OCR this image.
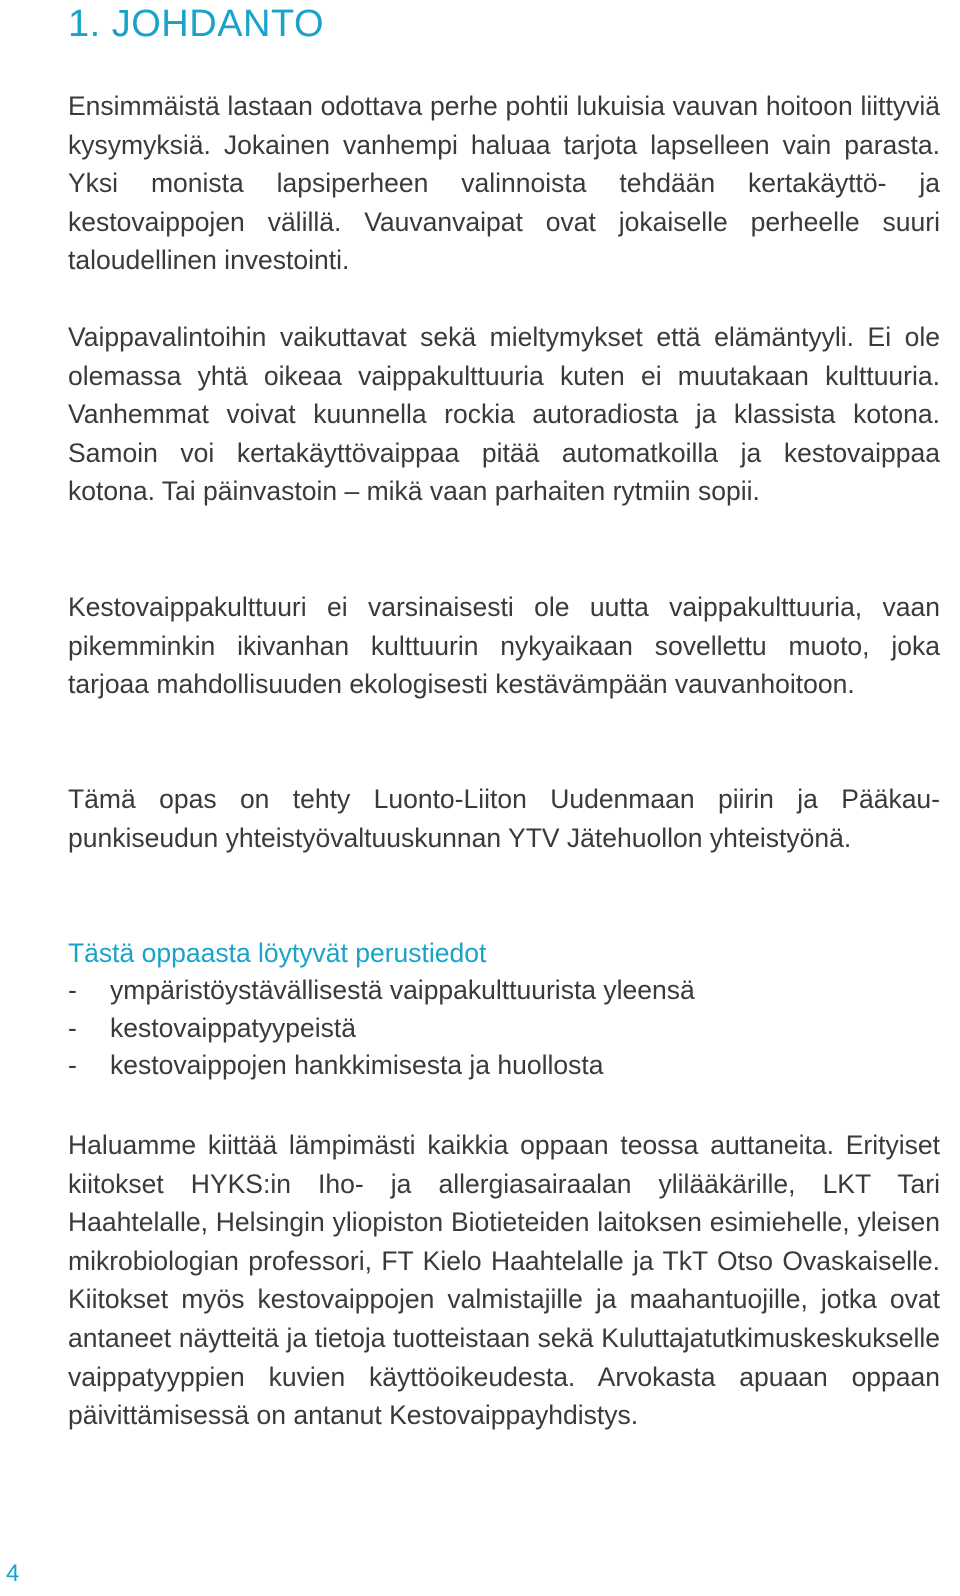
1. JOHDANTO

Ensimmäistä lastaan odottava perhe pohtii lukuisia vauvan hoitoon liittyviä kysymyksiä. Jokainen vanhempi haluaa tarjota lapselleen vain parasta. Yksi monista lapsiperheen valinnoista tehdään kertakäyttö- ja kestovaippojen välillä. Vauvanvaipat ovat jokaiselle perheelle suuri taloudellinen investointi.

Vaippavalintoihin vaikuttavat sekä mieltymykset että elämäntyyli. Ei ole olemassa yhtä oikeaa vaippakulttuuria kuten ei muutakaan kulttuuria. Vanhemmat voivat kuunnella rockia autoradiosta ja klassista kotona. Samoin voi kertakäyttövaippaa pitää automatkoilla ja kestovaippaa kotona. Tai päinvastoin – mikä vaan parhaiten rytmiin sopii.

Kestovaippakulttuuri ei varsinaisesti ole uutta vaippakulttuuria, vaan pikemminkin ikivanhan kulttuurin nykyaikaan sovellettu muoto, joka tarjoaa mahdollisuuden ekologisesti kestävämpään vauvanhoitoon.

Tämä opas on tehty Luonto-Liiton Uudenmaan piirin ja Pääkaupunkiseudun yhteistyövaltuuskunnan YTV Jätehuollon yhteistyönä.

Tästä oppaasta löytyvät perustiedot
-	ympäristöystävällisestä vaippakulttuurista yleensä
-	kestovaippatyypeistä
-	kestovaippojen hankkimisesta ja huollosta

Haluamme kiittää lämpimästi kaikkia oppaan teossa auttaneita. Erityiset kiitokset HYKS:in Iho- ja allergiasairaalan ylilääkärille, LKT Tari Haahtelalle, Helsingin yliopiston Biotieteiden laitoksen esimiehelle, yleisen mikrobiologian professori, FT Kielo Haahtelalle ja TkT Otso Ovaskaiselle. Kiitokset myös kestovaippojen valmistajille ja maahantuojille, jotka ovat antaneet näytteitä ja tietoja tuotteistaan sekä Kuluttajatutkimuskeskukselle vaippatyyppien kuvien käyttöoikeudesta. Arvokasta apuaan oppaan päivittämisessä on antanut Kestovaippayhdistys.

4
